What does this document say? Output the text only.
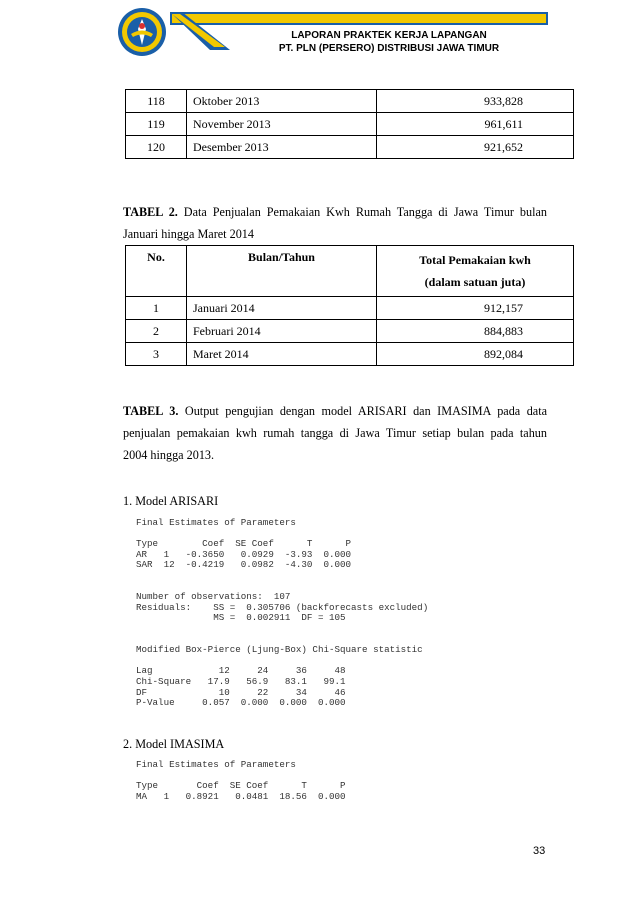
LAPORAN PRAKTEK KERJA LAPANGAN
PT. PLN (PERSERO) DISTRIBUSI JAWA TIMUR
118	Oktober 2013	933,828
119	November 2013	961,611
120	Desember 2013	921,652
TABEL 2. Data Penjualan Pemakaian Kwh Rumah Tangga di Jawa Timur bulan
Januari hingga Maret 2014
No.	Bulan/Tahun	Total Pemakaian kwh
(dalam satuan juta)

1	Januari 2014	912,157
2	Februari 2014	884,883
3	Maret 2014	892,084
TABEL 3. Output pengujian dengan model ARISARI dan IMASIMA pada data
penjualan pemakaian kwh rumah tangga di Jawa Timur setiap bulan pada tahun
2004 hingga 2013.
1. Model ARISARI
Final Estimates of Parameters

Type        Coef  SE Coef      T      P
AR   1   -0.3650   0.0929  -3.93  0.000
SAR  12  -0.4219   0.0982  -4.30  0.000

Number of observations:  107
Residuals:    SS =  0.305706 (backforecasts excluded)
MS =  0.002911  DF = 105

Modified Box-Pierce (Ljung-Box) Chi-Square statistic

Lag            12     24     36     48
Chi-Square   17.9   56.9   83.1   99.1
DF             10     22     34     46
P-Value     0.057  0.000  0.000  0.000
2. Model IMASIMA
Final Estimates of Parameters

Type       Coef  SE Coef      T      P
MA   1   0.8921   0.0481  18.56  0.000
33
